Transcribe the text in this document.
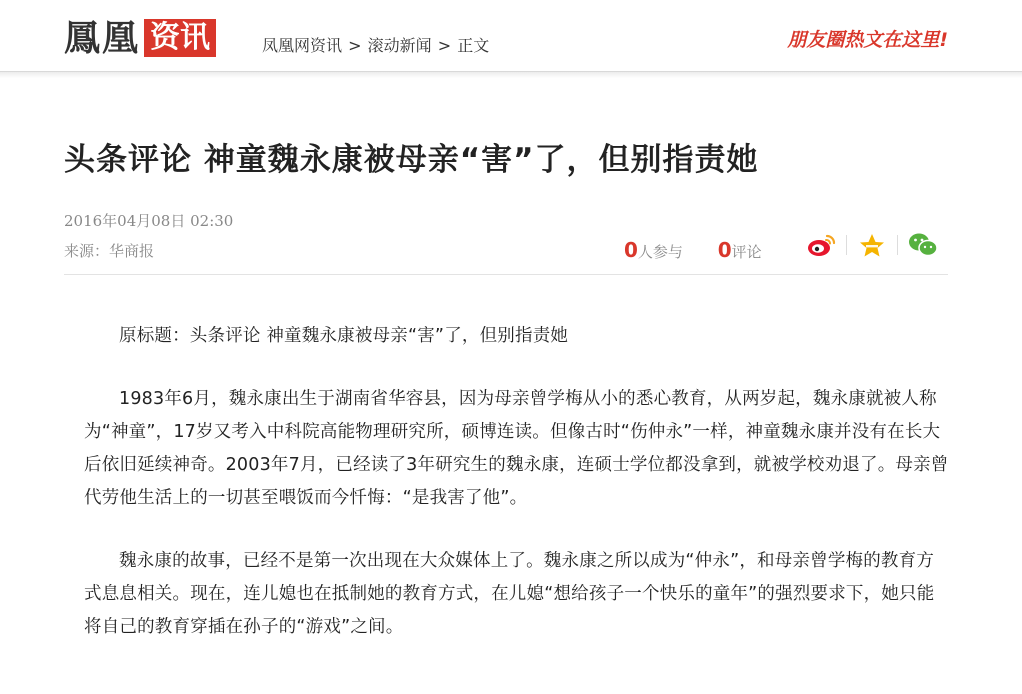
鳳凰 资讯	凤凰网资讯 > 滚动新闻 > 正文	朋友圈热文在这里!
头条评论 神童魏永康被母亲“害”了，但别指责她
2016年04月08日 02:30
来源：华商报	0人参与 0评论

原标题：头条评论 神童魏永康被母亲“害”了，但别指责她

1983年6月，魏永康出生于湖南省华容县，因为母亲曾学梅从小的悉心教育，从两岁起，魏永康就被人称为“神童”，17岁又考入中科院高能物理研究所，硕博连读。但像古时“伤仲永”一样，神童魏永康并没有在长大后依旧延续神奇。2003年7月，已经读了3年研究生的魏永康，连硕士学位都没拿到，就被学校劝退了。母亲曾代劳他生活上的一切甚至喂饭而今忏悔：“是我害了他”。

魏永康的故事，已经不是第一次出现在大众媒体上了。魏永康之所以成为“仲永”，和母亲曾学梅的教育方式息息相关。现在，连儿媳也在抵制她的教育方式，在儿媳“想给孩子一个快乐的童年”的强烈要求下，她只能将自己的教育穿插在孙子的“游戏”之间。
